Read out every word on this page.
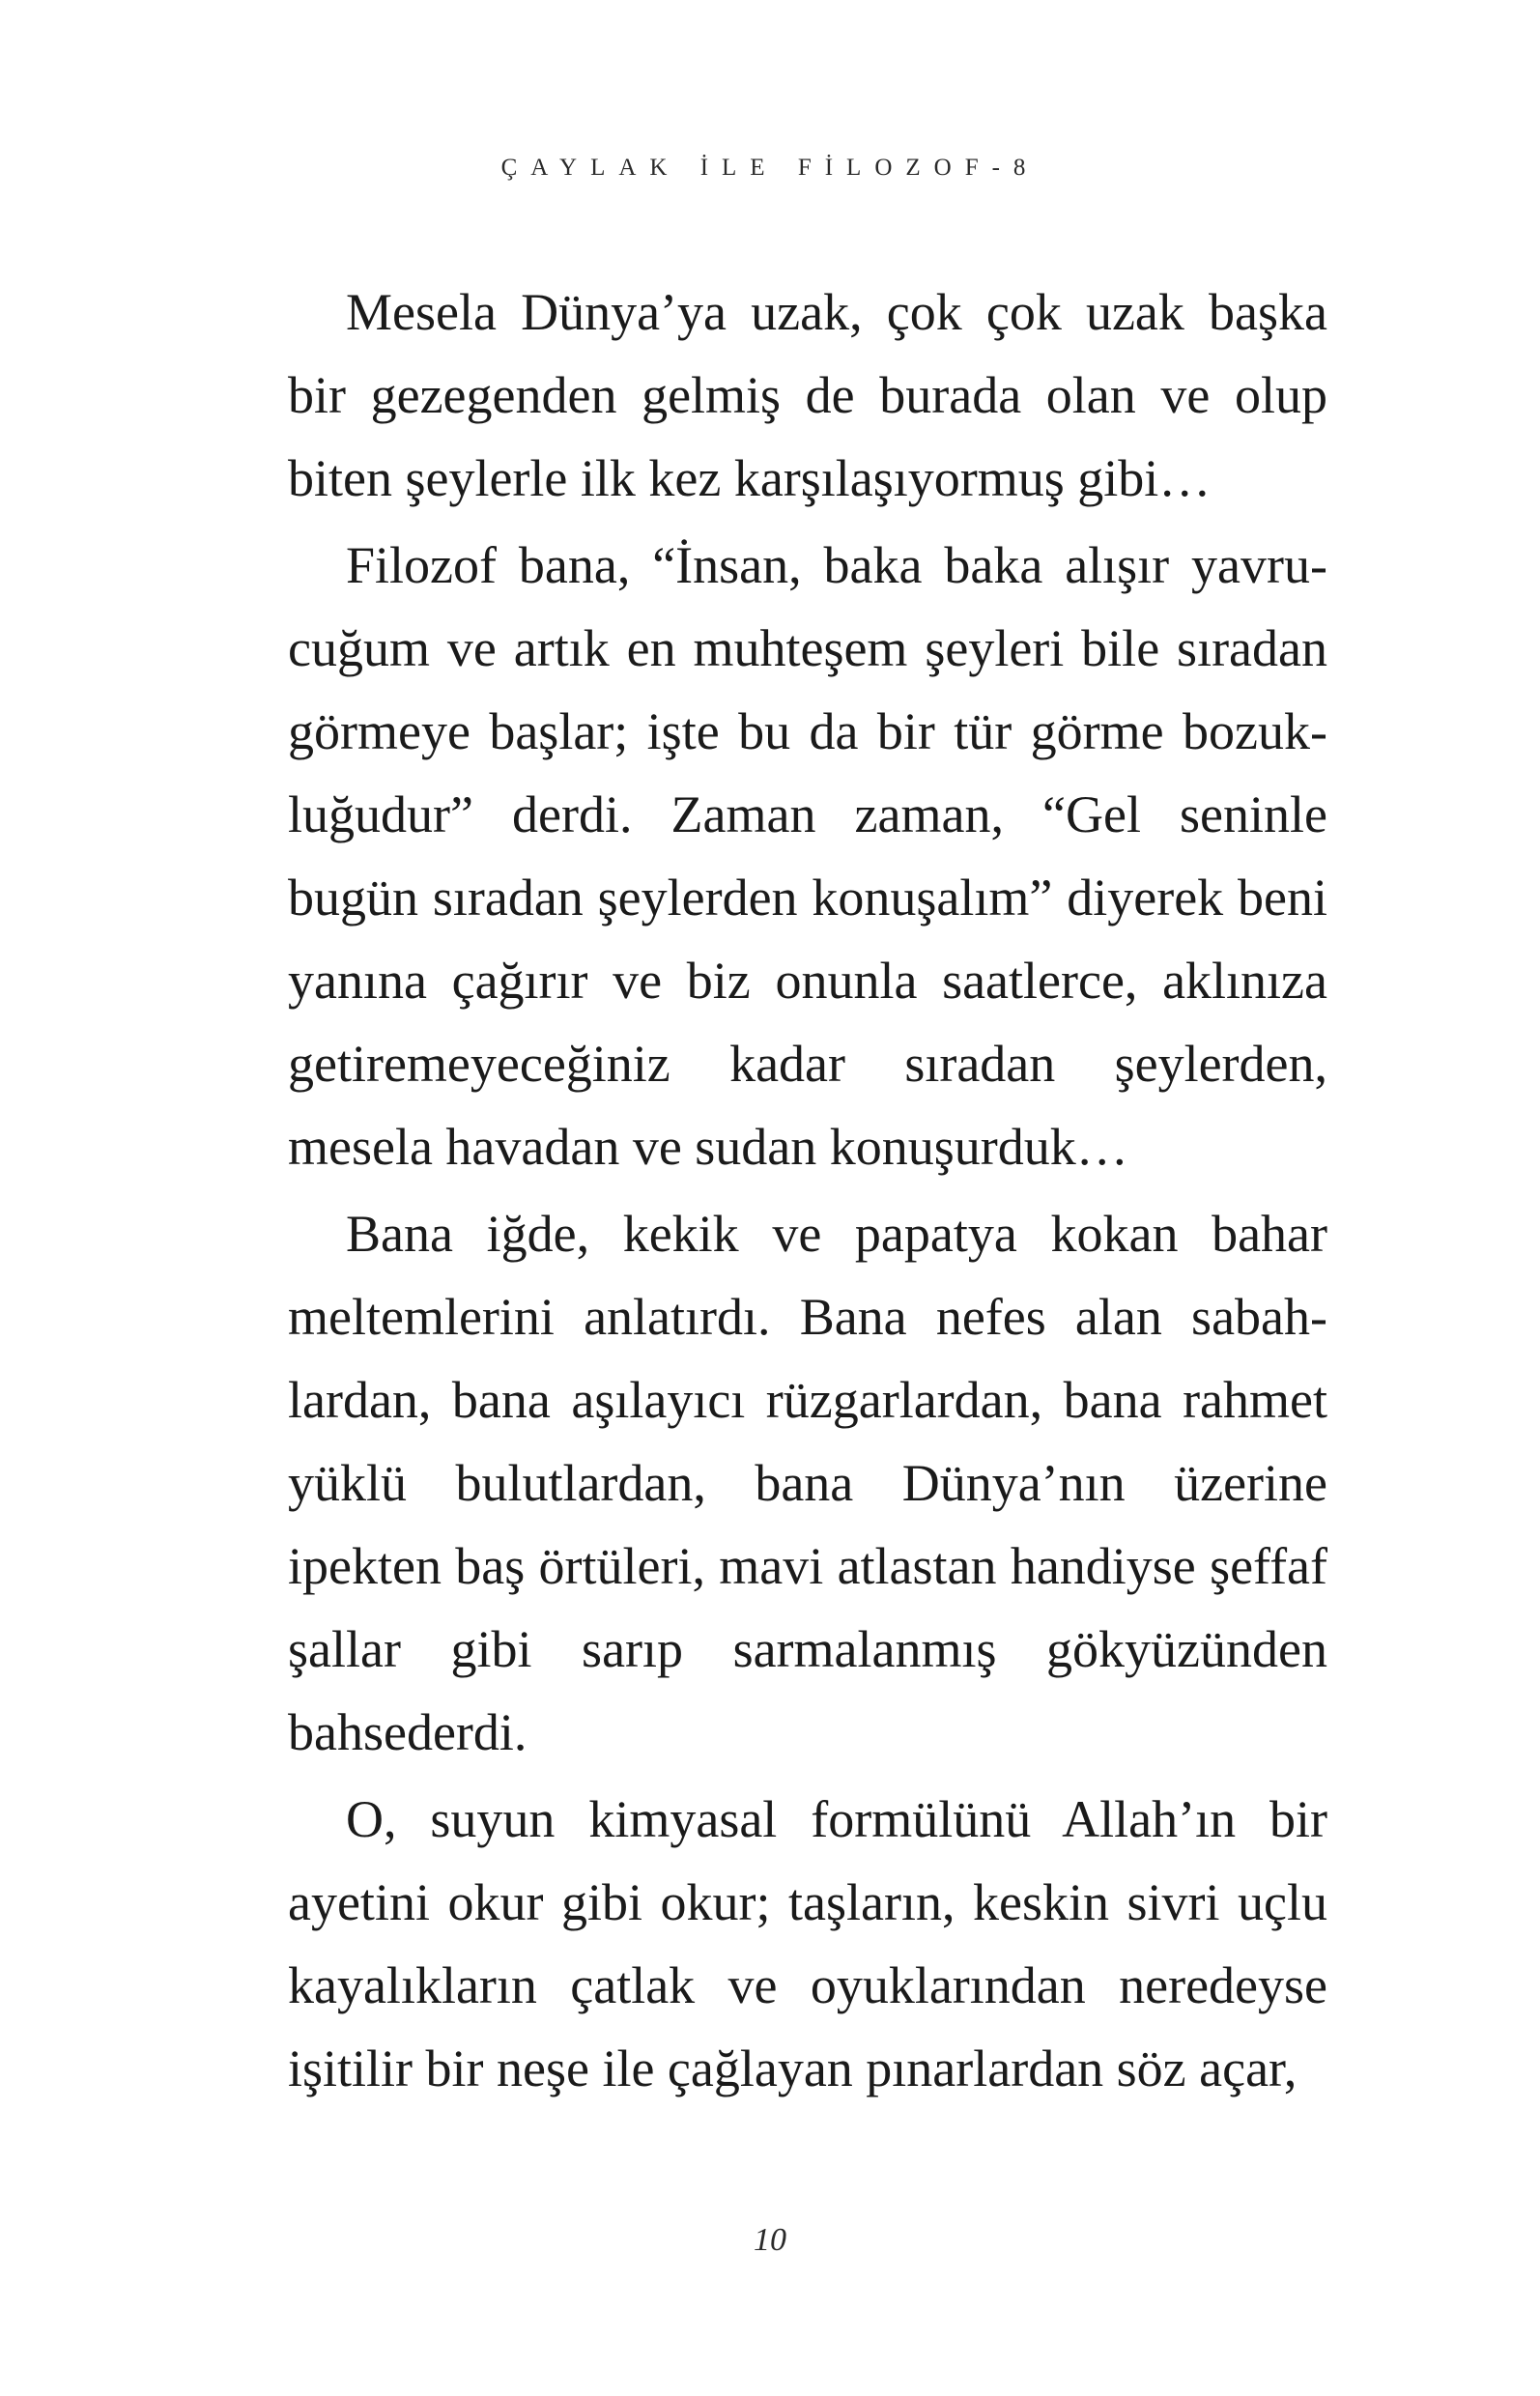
ÇAYLAK İLE FİLOZOF-8

Mesela Dünya’ya uzak, çok çok uzak başka bir gezegenden gelmiş de burada olan ve olup biten şeylerle ilk kez karşılaşıyormuş gibi…

Filozof bana, “İnsan, baka baka alışır yavrucuğum ve artık en muhteşem şeyleri bile sıradan görmeye başlar; işte bu da bir tür görme bozukluğudur” derdi. Zaman zaman, “Gel seninle bugün sıradan şeylerden konuşalım” diyerek beni yanına çağırır ve biz onunla saatlerce, aklınıza getiremeyeceğiniz kadar sıradan şeylerden, mesela havadan ve sudan konuşurduk…

Bana iğde, kekik ve papatya kokan bahar meltemlerini anlatırdı. Bana nefes alan sabahlardan, bana aşılayıcı rüzgarlardan, bana rahmet yüklü bulutlardan, bana Dünya’nın üzerine ipekten baş örtüleri, mavi atlastan handiyse şeffaf şallar gibi sarıp sarmalanmış gökyüzünden bahsederdi.

O, suyun kimyasal formülünü Allah’ın bir ayetini okur gibi okur; taşların, keskin sivri uçlu kayalıkların çatlak ve oyuklarından neredeyse işitilir bir neşe ile çağlayan pınarlardan söz açar,

10
